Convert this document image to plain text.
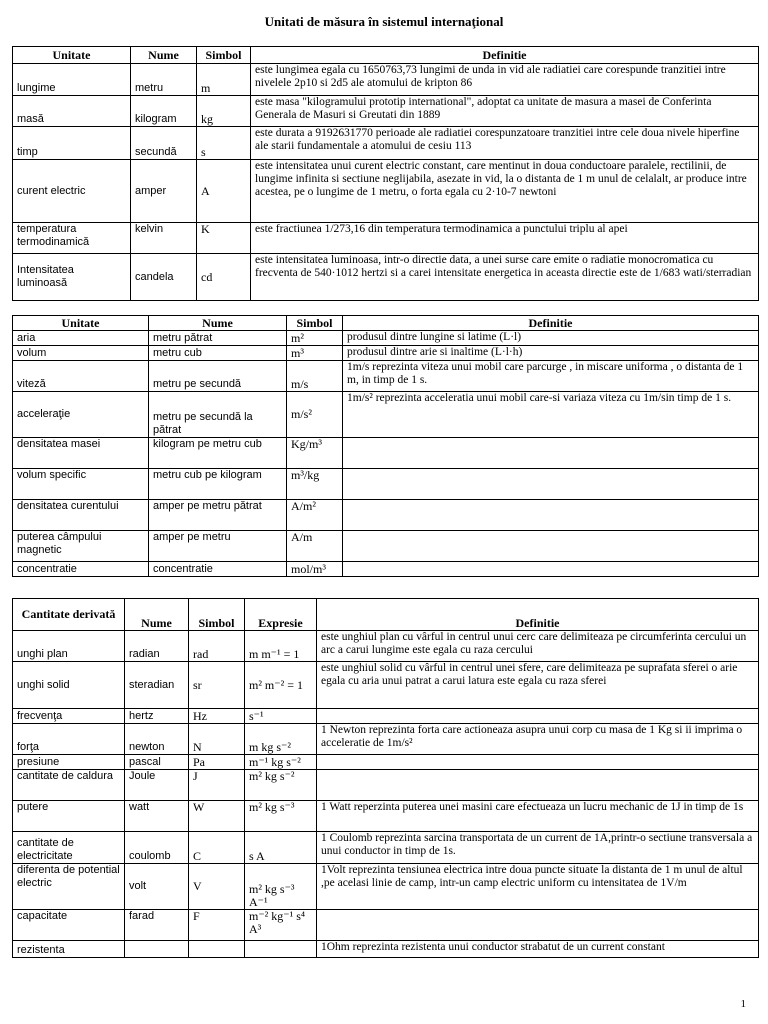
Unitati de măsura în sistemul internaţional
Unitate	Nume	Simbol	Definitie
lungime	metru	m	este lungimea egala cu 1650763,73 lungimi de unda in vid ale radiatiei care corespunde tranzitiei intre nivelele 2p10 si 2d5 ale atomului de kripton 86
masă	kilogram	kg	este masa "kilogramului prototip international", adoptat ca unitate de masura a masei de Conferinta Generala de Masuri si Greutati din 1889
timp	secundă	s	este durata a 9192631770 perioade ale radiatiei corespunzatoare tranzitiei intre cele doua nivele hiperfine ale starii fundamentale a atomului de cesiu 113
curent electric	amper	A	este intensitatea unui curent electric constant, care mentinut in doua conductoare paralele, rectilinii, de lungime infinita si sectiune neglijabila, asezate in vid, la o distanta de 1 m unul de celalalt, ar produce intre acestea, pe o lungime de 1 metru, o forta egala cu 2·10-7 newtoni
temperatura termodinamică	kelvin	K	este fractiunea 1/273,16 din temperatura termodinamica a punctului triplu al apei
Intensitatea luminoasă	candela	cd	este intensitatea luminoasa, intr-o directie data, a unei surse care emite o radiatie monocromatica cu frecventa de 540·1012 hertzi si a carei intensitate energetica in aceasta directie este de 1/683 wati/sterradian
Unitate	Nume	Simbol	Definitie
aria	metru pătrat	m²	produsul dintre lungine si latime (L·l)
volum	metru cub	m³	produsul dintre arie si inaltime (L·l·h)
viteză	metru pe secundă	m/s	1m/s reprezinta viteza unui mobil care parcurge , in miscare uniforma , o distanta de 1 m, in timp de 1 s.
acceleraţie	metru pe secundă la pătrat	m/s²	1m/s² reprezinta acceleratia unui mobil care-si variaza viteza cu 1m/sin timp de 1 s.
densitatea masei	kilogram pe metru cub	Kg/m³	
volum specific	metru cub pe kilogram	m³/kg	
densitatea curentului	amper pe metru pătrat	A/m²	
puterea câmpului magnetic	amper pe metru	A/m	
concentratie	concentratie	mol/m³	
Cantitate derivată	Nume	Simbol	Expresie	Definitie
unghi plan	radian	rad	m m⁻¹ = 1	este unghiul plan cu vârful in centrul unui cerc care delimiteaza pe circumferinta cercului un arc a carui lungime este egala cu raza cercului
unghi solid	steradian	sr	m² m⁻² = 1	este unghiul solid cu vârful in centrul unei sfere, care delimiteaza pe suprafata sferei o arie egala cu aria unui patrat a carui latura este egala cu raza sferei
frecvenţa	hertz	Hz	s⁻¹	
forţa	newton	N	m kg s⁻²	1 Newton reprezinta forta care actioneaza asupra unui corp cu masa de 1 Kg si ii imprima o acceleratie de 1m/s²
presiune	pascal	Pa	m⁻¹ kg s⁻²	
cantitate de caldura	Joule	J	m² kg s⁻²	
putere	watt	W	m² kg s⁻³	1 Watt reperzinta puterea unei masini care efectueaza un lucru mechanic de 1J in timp de 1s
cantitate de electricitate	coulomb	C	s A	1 Coulomb reprezinta sarcina transportata de un current de 1A,printr-o sectiune transversala a unui conductor in timp de 1s.
diferenta de potential electric	volt	V	m² kg s⁻³ A⁻¹	1Volt reprezinta tensiunea electrica intre doua puncte situate la distanta de 1 m unul de altul ,pe acelasi linie de camp, intr-un camp electric uniform cu intensitatea de 1V/m
capacitate	farad	F	m⁻² kg⁻¹ s⁴ A³	
rezistenta				1Ohm reprezinta rezistenta unui conductor strabatut de un current constant
1
